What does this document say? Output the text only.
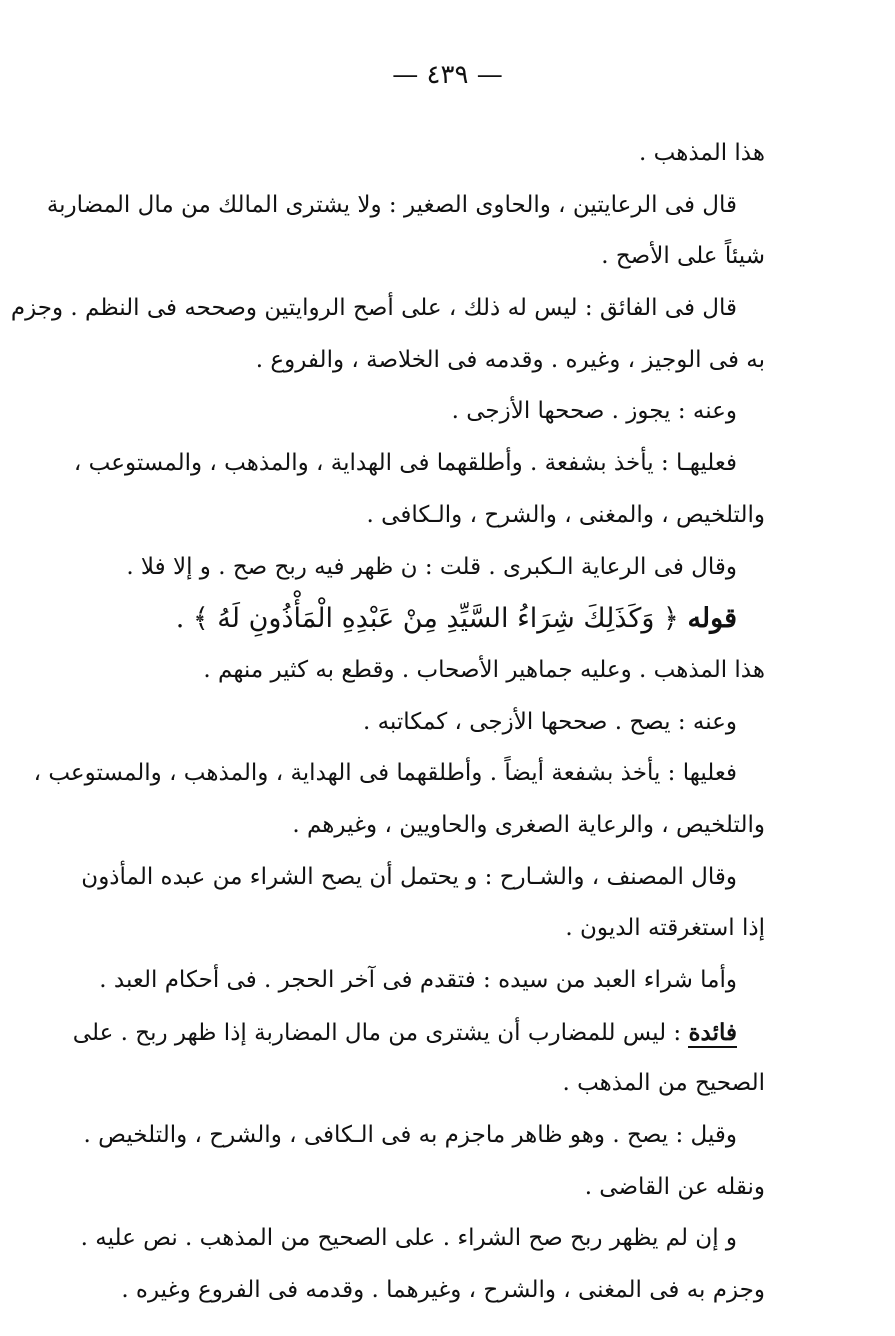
— ٤٣٩ —
هذا المذهب .
قال فى الرعايتين ، والحاوى الصغير : ولا يشترى المالك من مال المضاربة
شيئاً على الأصح .
قال فى الفائق : ليس له ذلك ، على أصح الروايتين وصححه فى النظم . وجزم
به فى الوجيز ، وغيره . وقدمه فى الخلاصة ، والفروع .
وعنه : يجوز . صححها الأزجى .
فعليهـا : يأخذ بشفعة . وأطلقهما فى الهداية ، والمذهب ، والمستوعب ،
والتلخيص ، والمغنى ، والشرح ، والـكافى .
وقال فى الرعاية الـكبرى . قلت : ن ظهر فيه ربح صح . و إلا فلا .
قوله ﴿ وَكَذَلِكَ شِرَاءُ السَّيِّدِ مِنْ عَبْدِهِ الْمَأْذُونِ لَهُ ﴾ .
هذا المذهب . وعليه جماهير الأصحاب . وقطع به كثير منهم .
وعنه : يصح . صححها الأزجى ، كمكاتبه .
فعليها : يأخذ بشفعة أيضاً . وأطلقهما فى الهداية ، والمذهب ، والمستوعب ،
والتلخيص ، والرعاية الصغرى والحاويين ، وغيرهم .
وقال المصنف ، والشـارح : و يحتمل أن يصح الشراء من عبده المأذون
إذا استغرقته الديون .
وأما شراء العبد من سيده : فتقدم فى آخر الحجر . فى أحكام العبد .
فائدة : ليس للمضارب أن يشترى من مال المضاربة إذا ظهر ربح . على
الصحيح من المذهب .
وقيل : يصح . وهو ظاهر ماجزم به فى الـكافى ، والشرح ، والتلخيص .
ونقله عن القاضى .
و إن لم يظهر ربح صح الشراء . على الصحيح من المذهب . نص عليه .
وجزم به فى المغنى ، والشرح ، وغيرهما . وقدمه فى الفروع وغيره .
